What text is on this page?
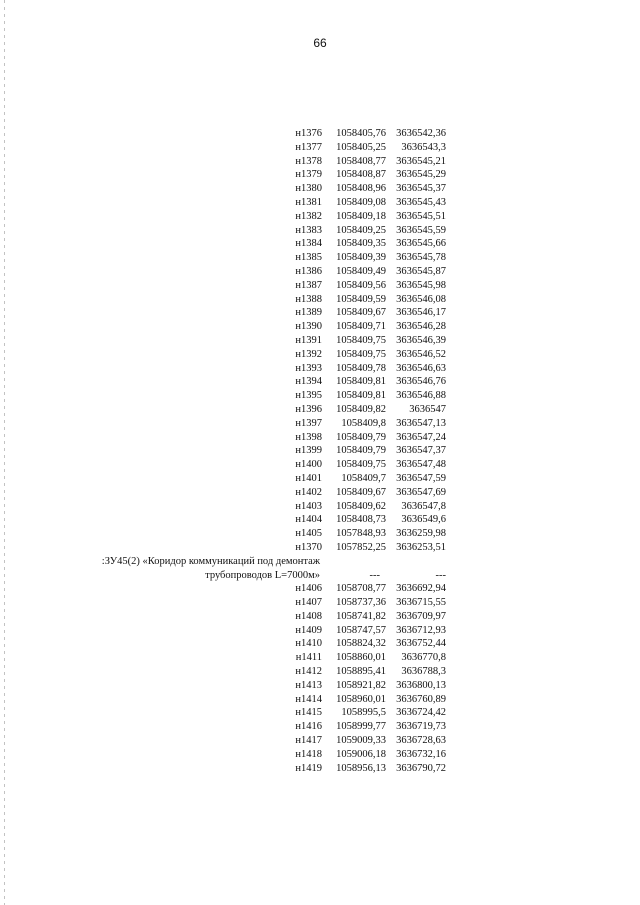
66
н1376	1058405,76	3636542,36
н1377	1058405,25	3636543,3
н1378	1058408,77	3636545,21
н1379	1058408,87	3636545,29
н1380	1058408,96	3636545,37
н1381	1058409,08	3636545,43
н1382	1058409,18	3636545,51
н1383	1058409,25	3636545,59
н1384	1058409,35	3636545,66
н1385	1058409,39	3636545,78
н1386	1058409,49	3636545,87
н1387	1058409,56	3636545,98
н1388	1058409,59	3636546,08
н1389	1058409,67	3636546,17
н1390	1058409,71	3636546,28
н1391	1058409,75	3636546,39
н1392	1058409,75	3636546,52
н1393	1058409,78	3636546,63
н1394	1058409,81	3636546,76
н1395	1058409,81	3636546,88
н1396	1058409,82	3636547
н1397	1058409,8	3636547,13
н1398	1058409,79	3636547,24
н1399	1058409,79	3636547,37
н1400	1058409,75	3636547,48
н1401	1058409,7	3636547,59
н1402	1058409,67	3636547,69
н1403	1058409,62	3636547,8
н1404	1058408,73	3636549,6
н1405	1057848,93	3636259,98
н1370	1057852,25	3636253,51

:ЗУ45(2) «Коридор коммуникаций под демонтаж
трубопроводов L=7000м» --- ---		

н1406	1058708,77	3636692,94
н1407	1058737,36	3636715,55
н1408	1058741,82	3636709,97
н1409	1058747,57	3636712,93
н1410	1058824,32	3636752,44
н1411	1058860,01	3636770,8
н1412	1058895,41	3636788,3
н1413	1058921,82	3636800,13
н1414	1058960,01	3636760,89
н1415	1058995,5	3636724,42
н1416	1058999,77	3636719,73
н1417	1059009,33	3636728,63
н1418	1059006,18	3636732,16
н1419	1058956,13	3636790,72
